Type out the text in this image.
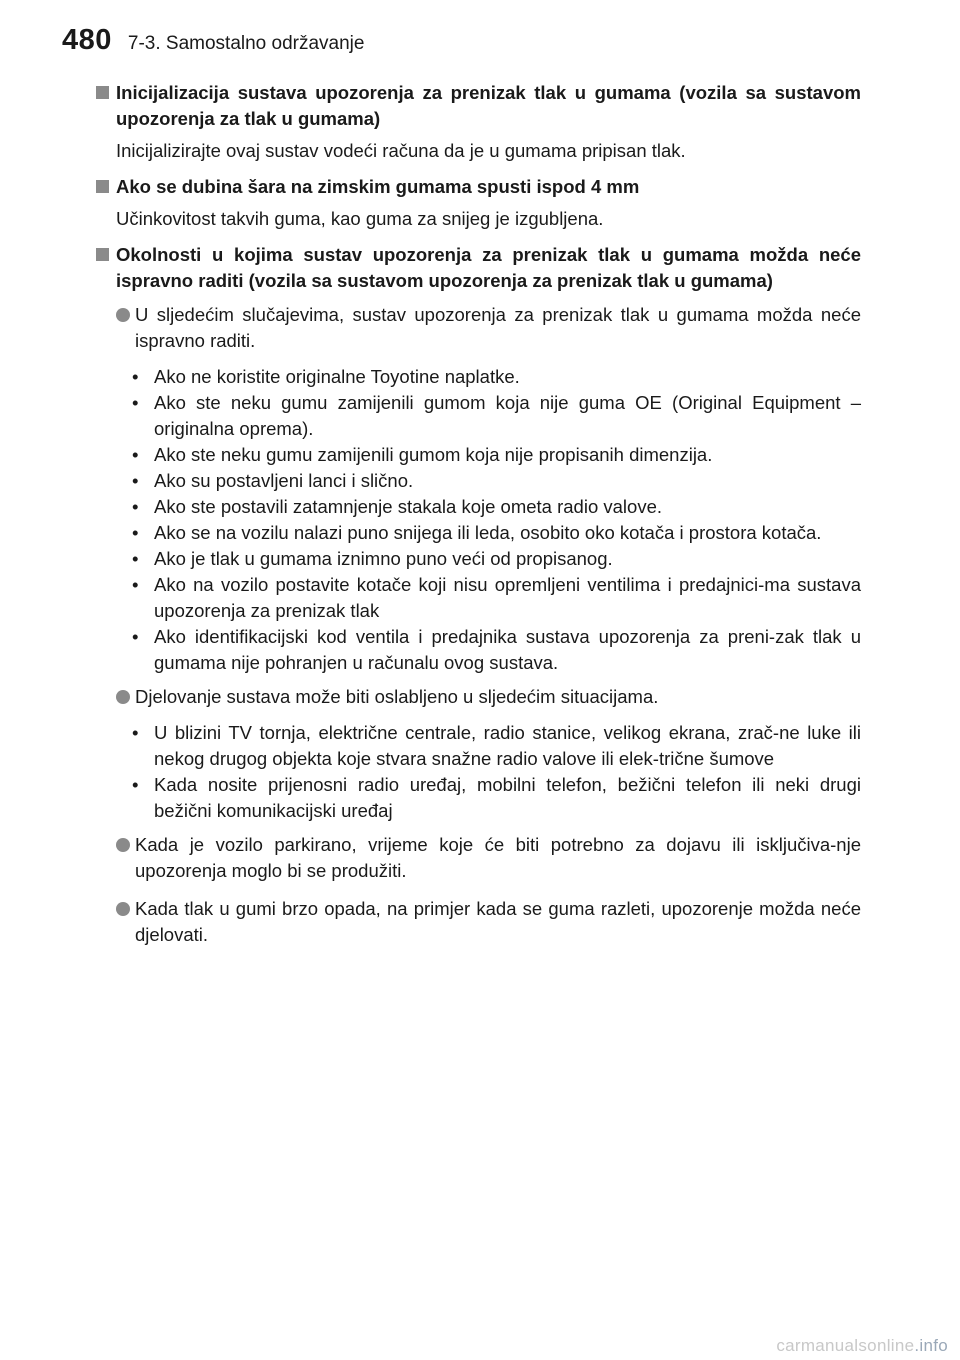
480 7-3. Samostalno održavanje
Inicijalizacija sustava upozorenja za prenizak tlak u gumama (vozila sa sustavom upozorenja za tlak u gumama)
Inicijalizirajte ovaj sustav vodeći računa da je u gumama pripisan tlak.
Ako se dubina šara na zimskim gumama spusti ispod 4 mm
Učinkovitost takvih guma, kao guma za snijeg je izgubljena.
Okolnosti u kojima sustav upozorenja za prenizak tlak u gumama možda neće ispravno raditi (vozila sa sustavom upozorenja za prenizak tlak u gumama)
U sljedećim slučajevima, sustav upozorenja za prenizak tlak u gumama možda neće ispravno raditi.
• Ako ne koristite originalne Toyotine naplatke.
• Ako ste neku gumu zamijenili gumom koja nije guma OE (Original Equipment – originalna oprema).
• Ako ste neku gumu zamijenili gumom koja nije propisanih dimenzija.
• Ako su postavljeni lanci i slično.
• Ako ste postavili zatamnjenje stakala koje ometa radio valove.
• Ako se na vozilu nalazi puno snijega ili leda, osobito oko kotača i prostora kotača.
• Ako je tlak u gumama iznimno puno veći od propisanog.
• Ako na vozilo postavite kotače koji nisu opremljeni ventilima i predajnici-ma sustava upozorenja za prenizak tlak
• Ako identifikacijski kod ventila i predajnika sustava upozorenja za preni-zak tlak u gumama nije pohranjen u računalu ovog sustava.
Djelovanje sustava može biti oslabljeno u sljedećim situacijama.
• U blizini TV tornja, električne centrale, radio stanice, velikog ekrana, zrač-ne luke ili nekog drugog objekta koje stvara snažne radio valove ili elek-trične šumove
• Kada nosite prijenosni radio uređaj, mobilni telefon, bežični telefon ili neki drugi bežični komunikacijski uređaj
Kada je vozilo parkirano, vrijeme koje će biti potrebno za dojavu ili isključiva-nje upozorenja moglo bi se produžiti.
Kada tlak u gumi brzo opada, na primjer kada se guma razleti, upozorenje možda neće djelovati.
carmanualsonline.info
